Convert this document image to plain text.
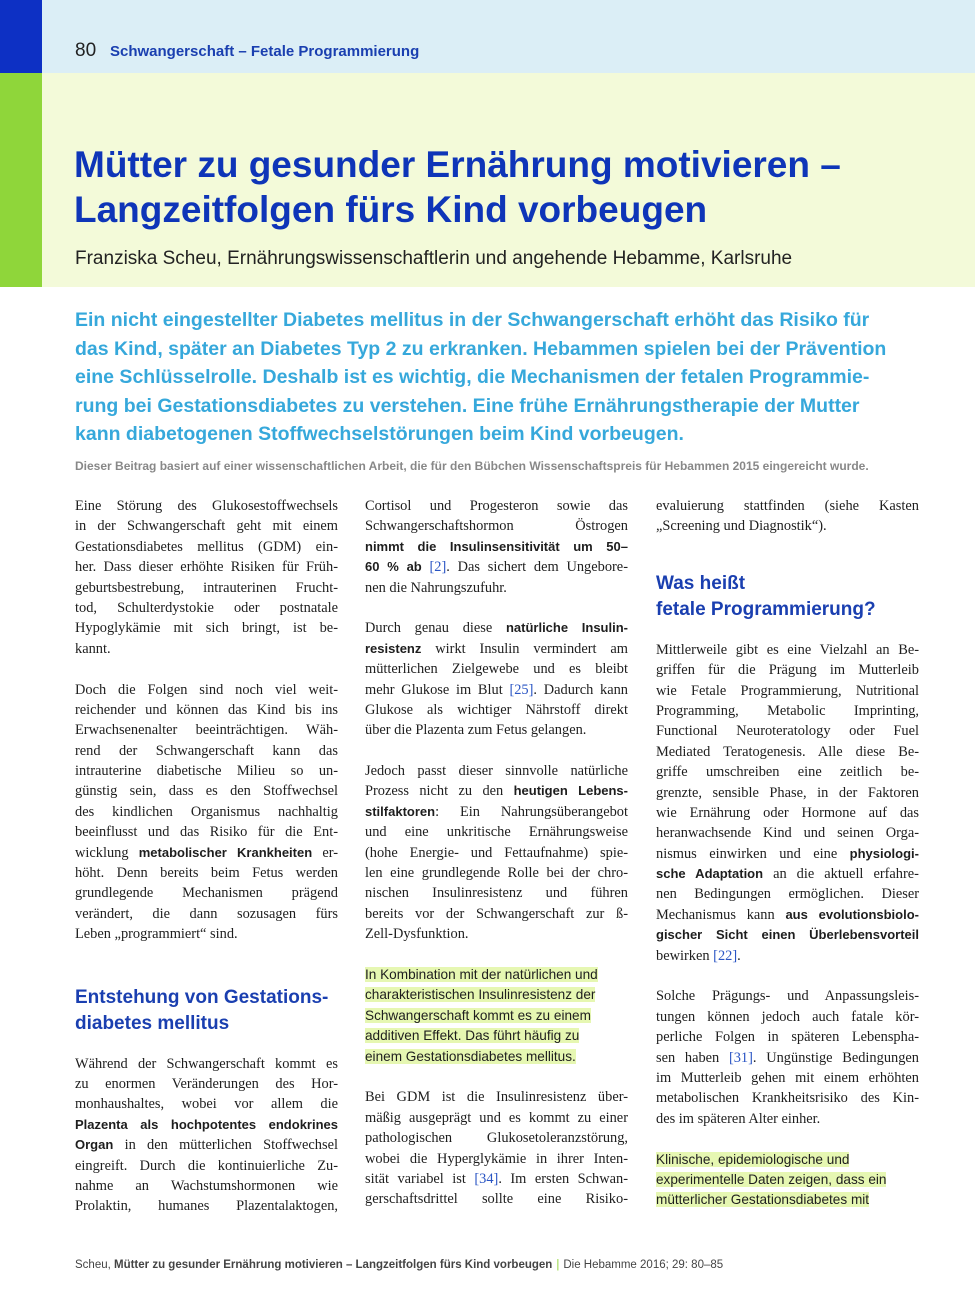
80 Schwangerschaft – Fetale Programmierung
Mütter zu gesunder Ernährung motivieren –
Langzeitfolgen fürs Kind vorbeugen
Franziska Scheu, Ernährungswissenschaftlerin und angehende Hebamme, Karlsruhe

Ein nicht eingestellter Diabetes mellitus in der Schwangerschaft erhöht das Risiko für
das Kind, später an Diabetes Typ 2 zu erkranken. Hebammen spielen bei der Prävention
eine Schlüsselrolle. Deshalb ist es wichtig, die Mechanismen der fetalen Programmie-
rung bei Gestationsdiabetes zu verstehen. Eine frühe Ernährungstherapie der Mutter
kann diabetogenen Stoffwechselstörungen beim Kind vorbeugen.

Dieser Beitrag basiert auf einer wissenschaftlichen Arbeit, die für den Bübchen Wissenschaftspreis für Hebammen 2015 eingereicht wurde.
Eine Störung des Glukosestoffwechsels
in der Schwangerschaft geht mit einem
Gestationsdiabetes mellitus (GDM) ein-
her. Dass dieser erhöhte Risiken für Früh-
geburtsbestrebung, intrauterinen Frucht-
tod, Schulterdystokie oder postnatale
Hypoglykämie mit sich bringt, ist be-
kannt.
Doch die Folgen sind noch viel weit-
reichender und können das Kind bis ins
Erwachsenenalter beeinträchtigen. Wäh-
rend der Schwangerschaft kann das
intrauterine diabetische Milieu so un-
günstig sein, dass es den Stoffwechsel
des kindlichen Organismus nachhaltig
beeinflusst und das Risiko für die Ent-
wicklung metabolischer Krankheiten er-
höht. Denn bereits beim Fetus werden
grundlegende Mechanismen prägend
verändert, die dann sozusagen fürs
Leben „programmiert“ sind.
Entstehung von Gestations-
diabetes mellitus
Während der Schwangerschaft kommt es
zu enormen Veränderungen des Hor-
monhaushaltes, wobei vor allem die
Plazenta als hochpotentes endokrines
Organ in den mütterlichen Stoffwechsel
eingreift. Durch die kontinuierliche Zu-
nahme an Wachstumshormonen wie
Prolaktin, humanes Plazentalaktogen,
Cortisol und Progesteron sowie das
Schwangerschaftshormon Östrogen
nimmt die Insulinsensitivität um 50–
60 % ab [2]. Das sichert dem Ungebore-
nen die Nahrungszufuhr.
Durch genau diese natürliche Insulin-
resistenz wirkt Insulin vermindert am
mütterlichen Zielgewebe und es bleibt
mehr Glukose im Blut [25]. Dadurch kann
Glukose als wichtiger Nährstoff direkt
über die Plazenta zum Fetus gelangen.
Jedoch passt dieser sinnvolle natürliche
Prozess nicht zu den heutigen Lebens-
stilfaktoren: Ein Nahrungsüberangebot
und eine unkritische Ernährungsweise
(hohe Energie- und Fettaufnahme) spie-
len eine grundlegende Rolle bei der chro-
nischen Insulinresistenz und führen
bereits vor der Schwangerschaft zur ß-
Zell-Dysfunktion.
In Kombination mit der natürlichen und
charakteristischen Insulinresistenz der
Schwangerschaft kommt es zu einem
additiven Effekt. Das führt häufig zu
einem Gestationsdiabetes mellitus.
Bei GDM ist die Insulinresistenz über-
mäßig ausgeprägt und es kommt zu einer
pathologischen Glukosetoleranzstörung,
wobei die Hyperglykämie in ihrer Inten-
sität variabel ist [34]. Im ersten Schwan-
gerschaftsdrittel sollte eine Risiko-
evaluierung stattfinden (siehe Kasten
„Screening und Diagnostik“).
Was heißt
fetale Programmierung?
Mittlerweile gibt es eine Vielzahl an Be-
griffen für die Prägung im Mutterleib
wie Fetale Programmierung, Nutritional
Programming, Metabolic Imprinting,
Functional Neuroteratology oder Fuel
Mediated Teratogenesis. Alle diese Be-
griffe umschreiben eine zeitlich be-
grenzte, sensible Phase, in der Faktoren
wie Ernährung oder Hormone auf das
heranwachsende Kind und seinen Orga-
nismus einwirken und eine physiologi-
sche Adaptation an die aktuell erfahre-
nen Bedingungen ermöglichen. Dieser
Mechanismus kann aus evolutionsbiolo-
gischer Sicht einen Überlebensvorteil
bewirken [22].
Solche Prägungs- und Anpassungsleis-
tungen können jedoch auch fatale kör-
perliche Folgen in späteren Lebenspha-
sen haben [31]. Ungünstige Bedingungen
im Mutterleib gehen mit einem erhöhten
metabolischen Krankheitsrisiko des Kin-
des im späteren Alter einher.
Klinische, epidemiologische und
experimentelle Daten zeigen, dass ein
mütterlicher Gestationsdiabetes mit
Scheu, Mütter zu gesunder Ernährung motivieren – Langzeitfolgen fürs Kind vorbeugen | Die Hebamme 2016; 29: 80–85
